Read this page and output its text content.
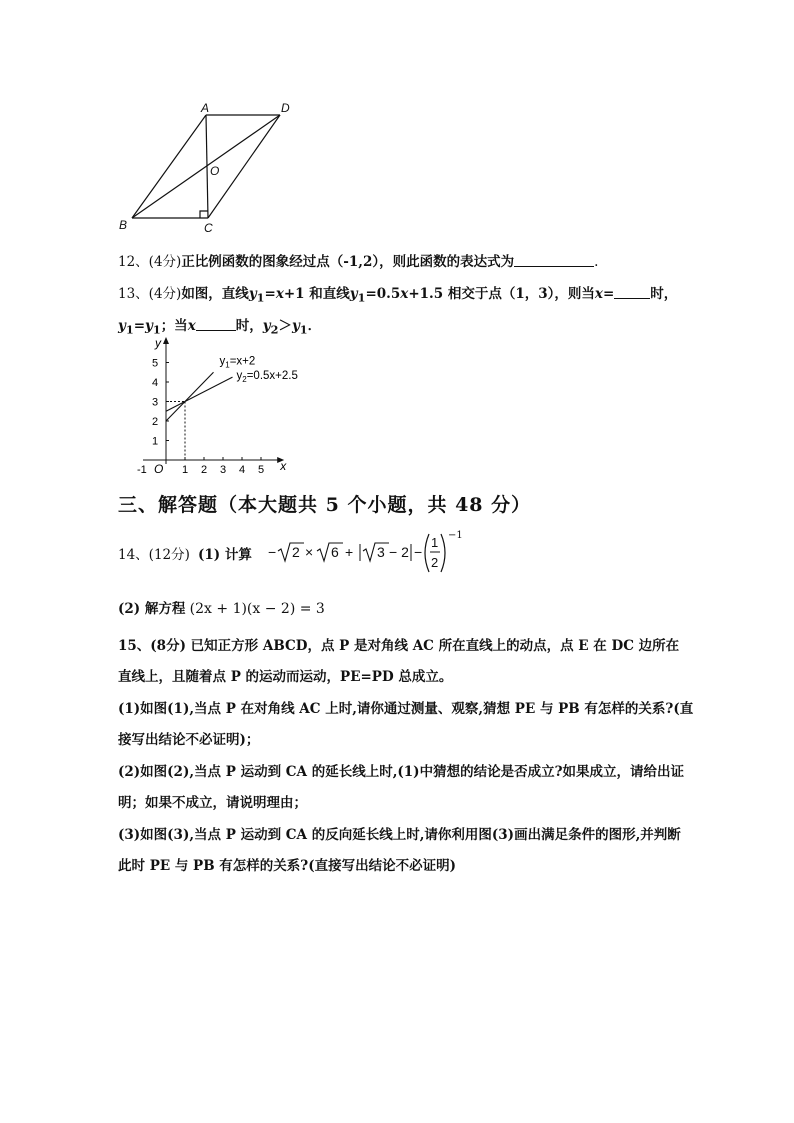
A	D
O
B	C
12、(4分)正比例函数的图象经过点（-1,2），则此函数的表达式为	.
13、(4分)如图，直线$y_1=x+1$ 和直线$y_1=0.5x+1.5$ 相交于点（1，3），则当x=	时，
$y_1=y_1$；当x	时，$y_2>y_1$．
x
y
O
-1	1 2 3 4 5
1
2
3
4
5	$y_1=x+2$
$y_2=0.5x+2.5$
三、解答题（本大题共 5 个小题，共 48 分）
14、(12分) (1) 计算 − 2 × 6 + 3 − 2 −
1
2
−1
(2) 解方程 (2x + 1)(x − 2) = 3
15、(8分) 已知正方形 ABCD，点 P 是对角线 AC 所在直线上的动点，点 E 在 DC 边所在
直线上，且随着点 P 的运动而运动，PE=PD 总成立。
(1)如图(1),当点 P 在对角线 AC 上时,请你通过测量、观察,猜想 PE 与 PB 有怎样的关系?(直
接写出结论不必证明)；
(2)如图(2),当点 P 运动到 CA 的延长线上时,(1)中猜想的结论是否成立?如果成立，请给出证
明；如果不成立，请说明理由；
(3)如图(3),当点 P 运动到 CA 的反向延长线上时,请你利用图(3)画出满足条件的图形,并判断
此时 PE 与 PB 有怎样的关系?(直接写出结论不必证明)
